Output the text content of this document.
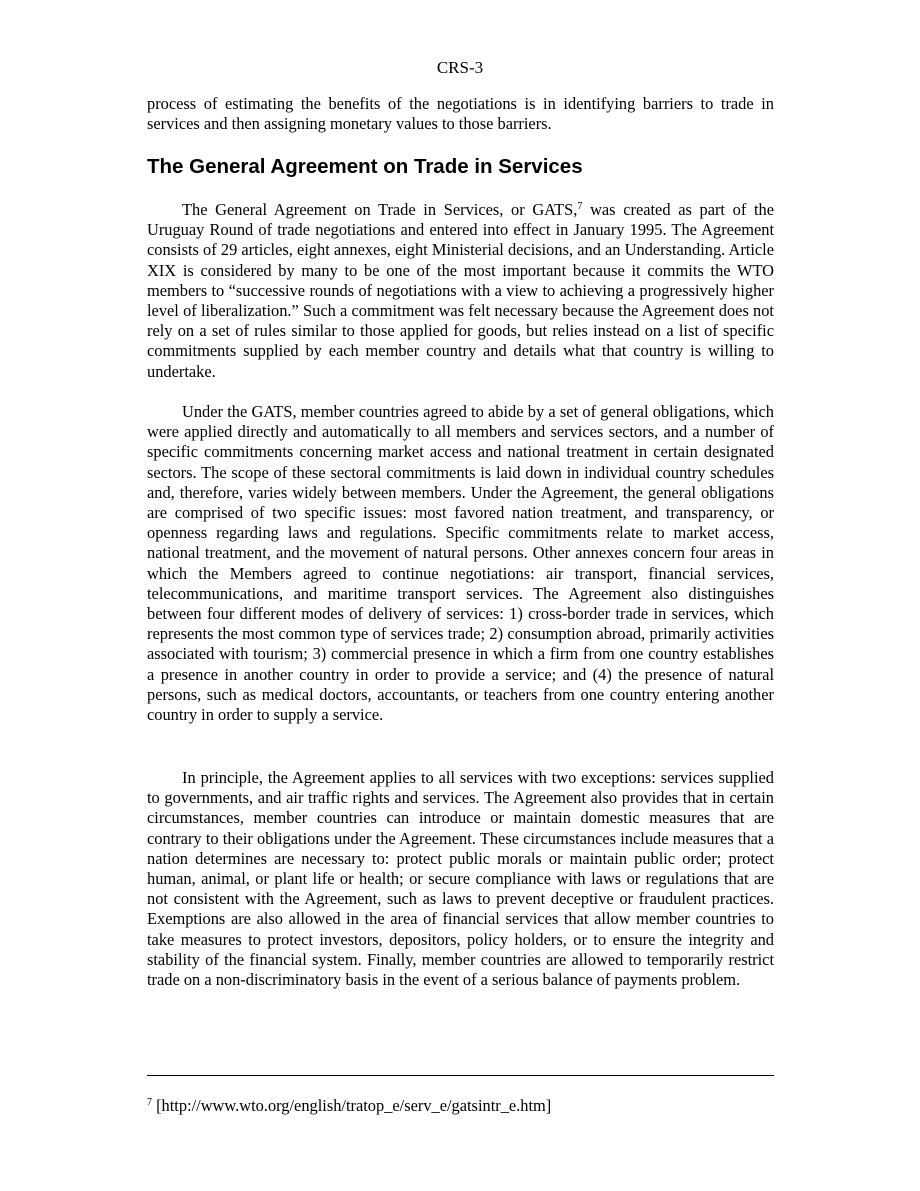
CRS-3

process of estimating the benefits of the negotiations is in identifying barriers to trade in services and then assigning monetary values to those barriers.

The General Agreement on Trade in Services

The General Agreement on Trade in Services, or GATS,$^7$ was created as part of the Uruguay Round of trade negotiations and entered into effect in January 1995. The Agreement consists of 29 articles, eight annexes, eight Ministerial decisions, and an Understanding. Article XIX is considered by many to be one of the most important because it commits the WTO members to “successive rounds of negotiations with a view to achieving a progressively higher level of liberalization.” Such a commitment was felt necessary because the Agreement does not rely on a set of rules similar to those applied for goods, but relies instead on a list of specific commitments supplied by each member country and details what that country is willing to undertake.

Under the GATS, member countries agreed to abide by a set of general obligations, which were applied directly and automatically to all members and services sectors, and a number of specific commitments concerning market access and national treatment in certain designated sectors. The scope of these sectoral commitments is laid down in individual country schedules and, therefore, varies widely between members. Under the Agreement, the general obligations are comprised of two specific issues: most favored nation treatment, and transparency, or openness regarding laws and regulations. Specific commitments relate to market access, national treatment, and the movement of natural persons. Other annexes concern four areas in which the Members agreed to continue negotiations: air transport, financial services, telecommunications, and maritime transport services. The Agreement also distinguishes between four different modes of delivery of services: 1) cross-border trade in services, which represents the most common type of services trade; 2) consumption abroad, primarily activities associated with tourism; 3) commercial presence in which a firm from one country establishes a presence in another country in order to provide a service; and (4) the presence of natural persons, such as medical doctors, accountants, or teachers from one country entering another country in order to supply a service.

In principle, the Agreement applies to all services with two exceptions: services supplied to governments, and air traffic rights and services. The Agreement also provides that in certain circumstances, member countries can introduce or maintain domestic measures that are contrary to their obligations under the Agreement. These circumstances include measures that a nation determines are necessary to: protect public morals or maintain public order; protect human, animal, or plant life or health; or secure compliance with laws or regulations that are not consistent with the Agreement, such as laws to prevent deceptive or fraudulent practices. Exemptions are also allowed in the area of financial services that allow member countries to take measures to protect investors, depositors, policy holders, or to ensure the integrity and stability of the financial system. Finally, member countries are allowed to temporarily restrict trade on a non-discriminatory basis in the event of a serious balance of payments problem.

$^7$ [http://www.wto.org/english/tratop_e/serv_e/gatsintr_e.htm]
